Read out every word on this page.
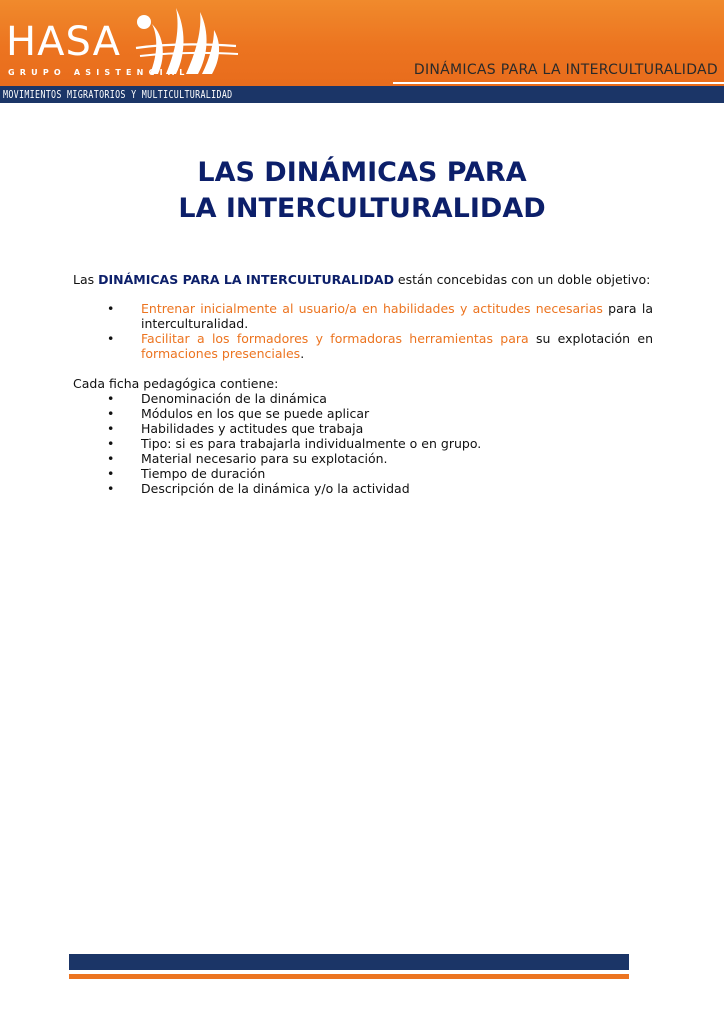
HASA
GRUPO ASISTENCIAL	DINÁMICAS PARA LA INTERCULTURALIDAD
MOVIMIENTOS MIGRATORIOS Y MULTICULTURALIDAD
LAS DINÁMICAS PARA
LA INTERCULTURALIDAD
Las DINÁMICAS PARA LA INTERCULTURALIDAD están concebidas con un doble objetivo:
• Entrenar inicialmente al usuario/a en habilidades y actitudes necesarias para la interculturalidad.
• Facilitar a los formadores y formadoras herramientas para su explotación en formaciones presenciales.
Cada ficha pedagógica contiene:
• Denominación de la dinámica
• Módulos en los que se puede aplicar
• Habilidades y actitudes que trabaja
• Tipo: si es para trabajarla individualmente o en grupo.
• Material necesario para su explotación.
• Tiempo de duración
• Descripción de la dinámica y/o la actividad
